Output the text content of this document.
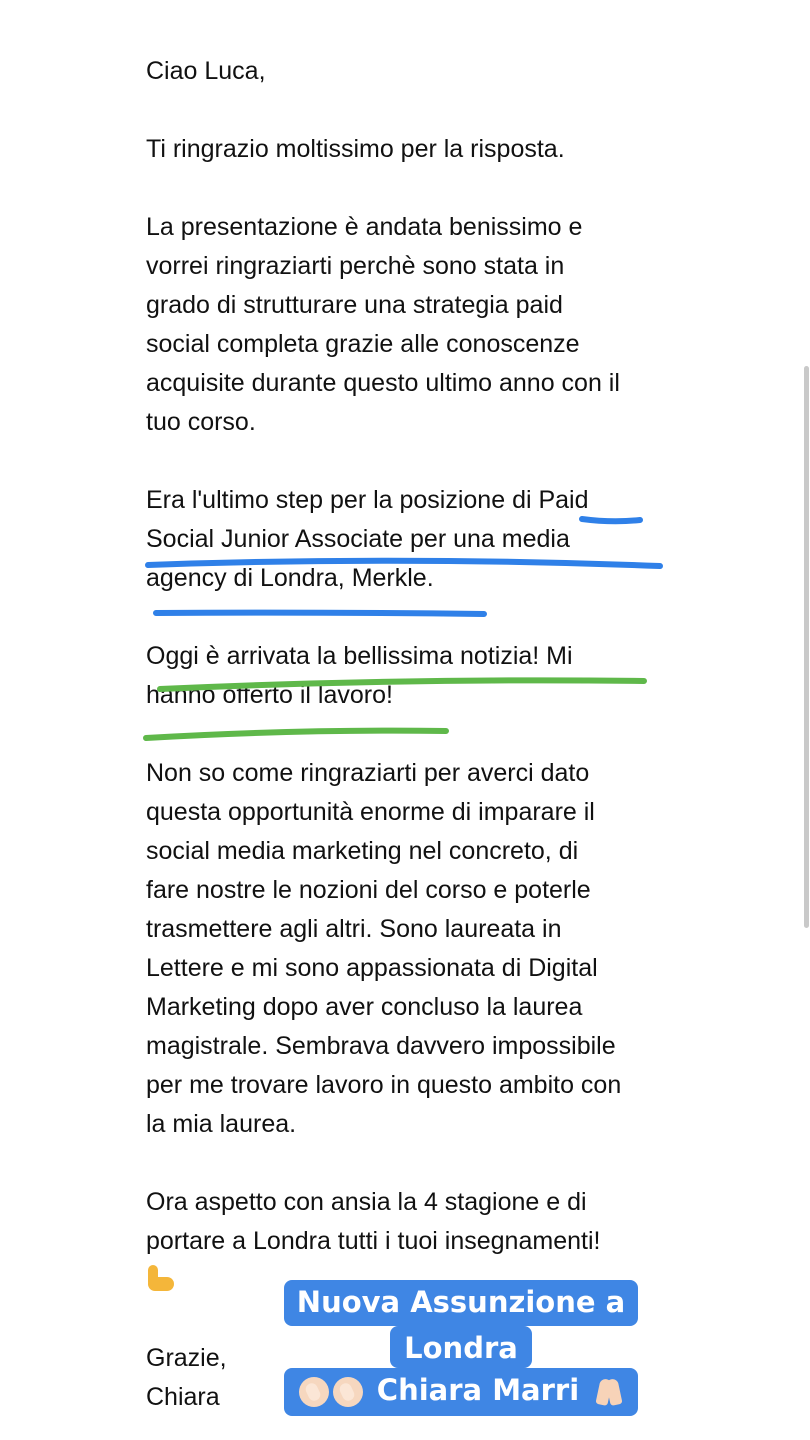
Ciao Luca,

Ti ringrazio moltissimo per la risposta.

La presentazione è andata benissimo e

vorrei ringraziarti perchè sono stata in

grado di strutturare una strategia paid

social completa grazie alle conoscenze

acquisite durante questo ultimo anno con il

tuo corso.

Era l'ultimo step per la posizione di Paid

Social Junior Associate per una media

agency di Londra, Merkle.

Oggi è arrivata la bellissima notizia! Mi

hanno offerto il lavoro!

Non so come ringraziarti per averci dato

questa opportunità enorme di imparare il

social media marketing nel concreto, di

fare nostre le nozioni del corso e poterle

trasmettere agli altri. Sono laureata in

Lettere e mi sono appassionata di Digital

Marketing dopo aver concluso la laurea

magistrale. Sembrava davvero impossibile

per me trovare lavoro in questo ambito con

la mia laurea.

Ora aspetto con ansia la 4 stagione e di

portare a Londra tutti i tuoi insegnamenti!

Grazie,

Chiara

Nuova Assunzione a
Londra
Chiara Marri
